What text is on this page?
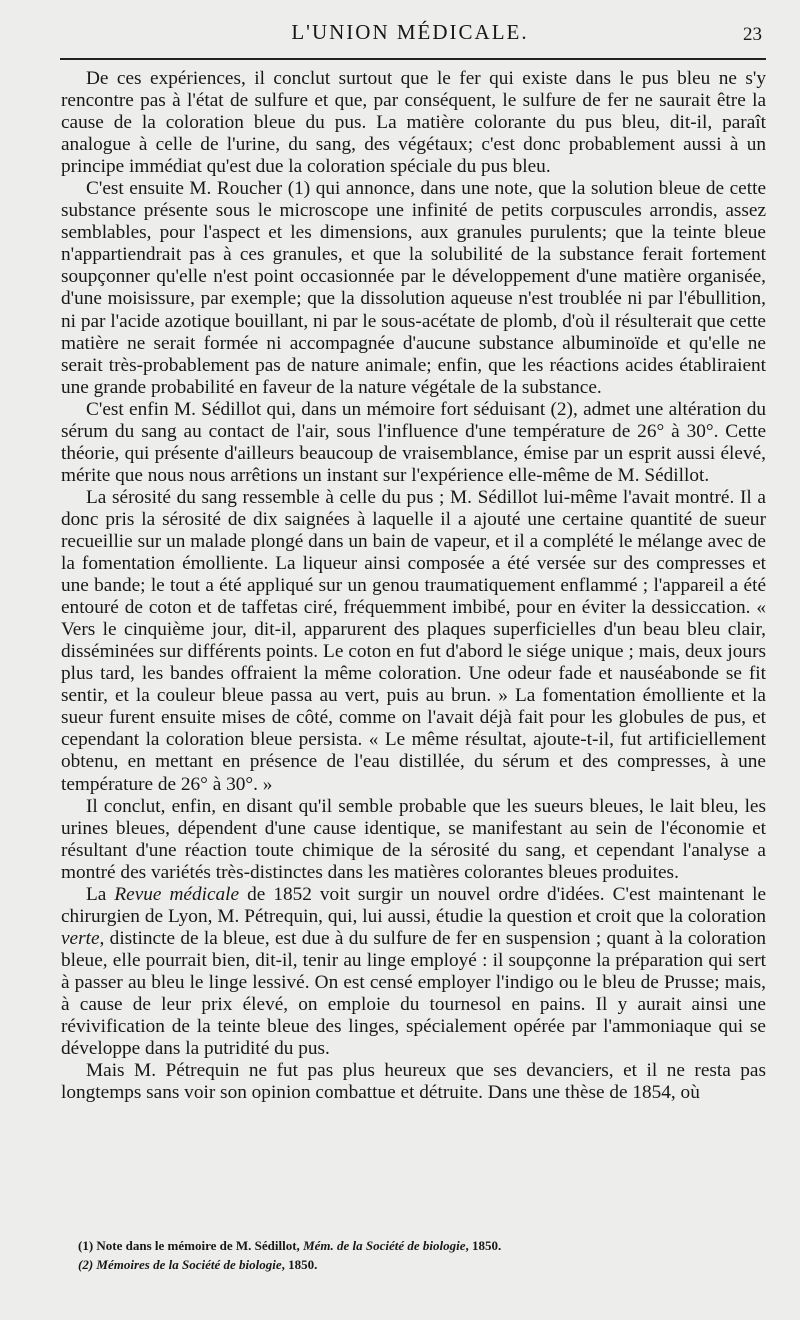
L'UNION MÉDICALE.	23

De ces expériences, il conclut surtout que le fer qui existe dans le pus bleu ne s'y rencontre pas à l'état de sulfure et que, par conséquent, le sulfure de fer ne saurait être la cause de la coloration bleue du pus. La matière colorante du pus bleu, dit-il, paraît analogue à celle de l'urine, du sang, des végétaux; c'est donc probablement aussi à un principe immédiat qu'est due la coloration spéciale du pus bleu.

C'est ensuite M. Roucher (1) qui annonce, dans une note, que la solution bleue de cette substance présente sous le microscope une infinité de petits corpuscules arrondis, assez semblables, pour l'aspect et les dimensions, aux granules purulents; que la teinte bleue n'appartiendrait pas à ces granules, et que la solubilité de la substance ferait fortement soupçonner qu'elle n'est point occasionnée par le développement d'une matière organisée, d'une moisissure, par exemple; que la dissolution aqueuse n'est troublée ni par l'ébullition, ni par l'acide azotique bouillant, ni par le sous-acétate de plomb, d'où il résulterait que cette matière ne serait formée ni accompagnée d'aucune substance albuminoïde et qu'elle ne serait très-probablement pas de nature animale; enfin, que les réactions acides établiraient une grande probabilité en faveur de la nature végétale de la substance.

C'est enfin M. Sédillot qui, dans un mémoire fort séduisant (2), admet une altération du sérum du sang au contact de l'air, sous l'influence d'une température de 26° à 30°. Cette théorie, qui présente d'ailleurs beaucoup de vraisemblance, émise par un esprit aussi élevé, mérite que nous nous arrêtions un instant sur l'expérience elle-même de M. Sédillot.

La sérosité du sang ressemble à celle du pus ; M. Sédillot lui-même l'avait montré. Il a donc pris la sérosité de dix saignées à laquelle il a ajouté une certaine quantité de sueur recueillie sur un malade plongé dans un bain de vapeur, et il a complété le mélange avec de la fomentation émolliente. La liqueur ainsi composée a été versée sur des compresses et une bande; le tout a été appliqué sur un genou traumatiquement enflammé ; l'appareil a été entouré de coton et de taffetas ciré, fréquemment imbibé, pour en éviter la dessiccation. « Vers le cinquième jour, dit-il, apparurent des plaques superficielles d'un beau bleu clair, disséminées sur différents points. Le coton en fut d'abord le siége unique ; mais, deux jours plus tard, les bandes offraient la même coloration. Une odeur fade et nauséabonde se fit sentir, et la couleur bleue passa au vert, puis au brun. » La fomentation émolliente et la sueur furent ensuite mises de côté, comme on l'avait déjà fait pour les globules de pus, et cependant la coloration bleue persista. « Le même résultat, ajoute-t-il, fut artificiellement obtenu, en mettant en présence de l'eau distillée, du sérum et des compresses, à une température de 26° à 30°. »

Il conclut, enfin, en disant qu'il semble probable que les sueurs bleues, le lait bleu, les urines bleues, dépendent d'une cause identique, se manifestant au sein de l'économie et résultant d'une réaction toute chimique de la sérosité du sang, et cependant l'analyse a montré des variétés très-distinctes dans les matières colorantes bleues produites.

La Revue médicale de 1852 voit surgir un nouvel ordre d'idées. C'est maintenant le chirurgien de Lyon, M. Pétrequin, qui, lui aussi, étudie la question et croit que la coloration verte, distincte de la bleue, est due à du sulfure de fer en suspension ; quant à la coloration bleue, elle pourrait bien, dit-il, tenir au linge employé : il soupçonne la préparation qui sert à passer au bleu le linge lessivé. On est censé employer l'indigo ou le bleu de Prusse; mais, à cause de leur prix élevé, on emploie du tournesol en pains. Il y aurait ainsi une révivification de la teinte bleue des linges, spécialement opérée par l'ammoniaque qui se développe dans la putridité du pus.

Mais M. Pétrequin ne fut pas plus heureux que ses devanciers, et il ne resta pas longtemps sans voir son opinion combattue et détruite. Dans une thèse de 1854, où

(1) Note dans le mémoire de M. Sédillot, Mém. de la Société de biologie, 1850.
(2) Mémoires de la Société de biologie, 1850.
